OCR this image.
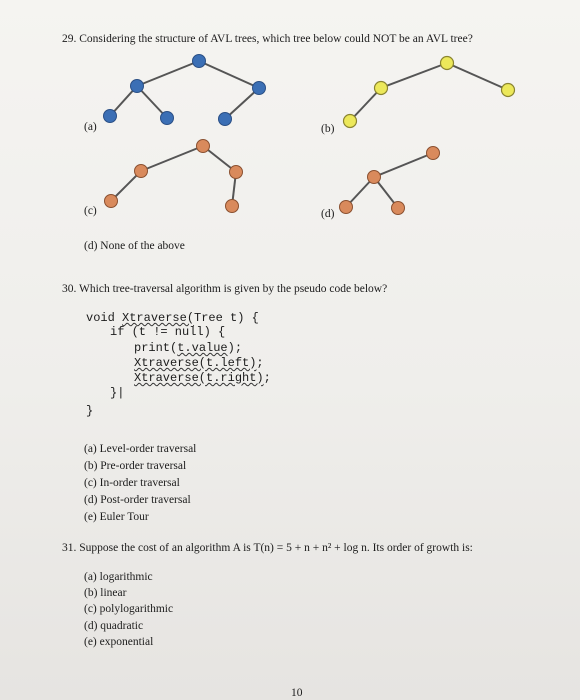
29. Considering the structure of AVL trees, which tree below could NOT be an AVL tree?
(a)	(b)
(c)	(d)
(d) None of the above
30. Which tree-traversal algorithm is given by the pseudo code below?
void Xtraverse(Tree t) {
if (t != null) {
print(t.value);
Xtraverse(t.left);
Xtraverse(t.right);
}|
}
(a) Level-order traversal
(b) Pre-order traversal
(c) In-order traversal
(d) Post-order traversal
(e) Euler Tour
31. Suppose the cost of an algorithm A is T(n) = 5 + n + n² + log n. Its order of growth is:
(a) logarithmic
(b) linear
(c) polylogarithmic
(d) quadratic
(e) exponential
10
